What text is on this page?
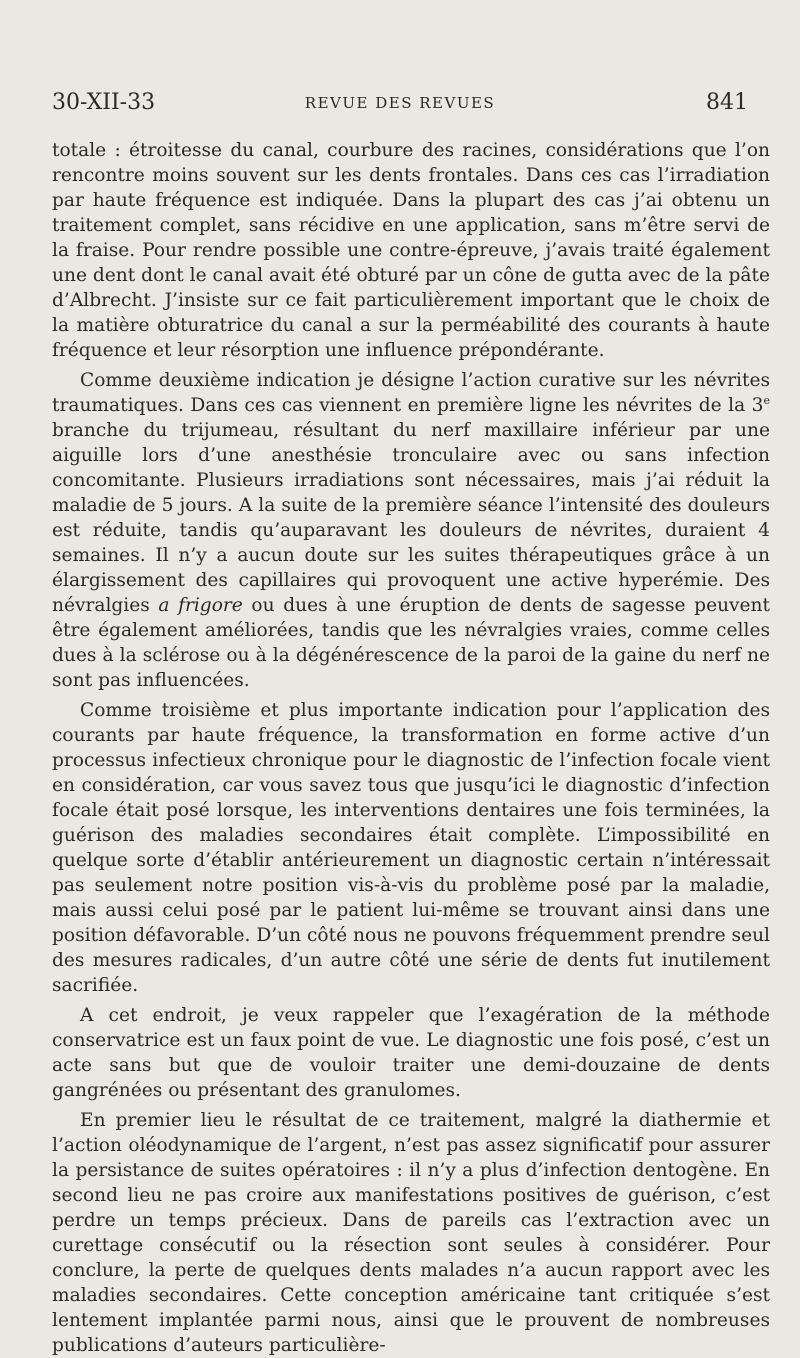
30-XII-33	REVUE DES REVUES	841

totale : étroitesse du canal, courbure des racines, considérations que l’on rencontre moins souvent sur les dents frontales. Dans ces cas l’irradiation par haute fréquence est indiquée. Dans la plupart des cas j’ai obtenu un traitement complet, sans récidive en une application, sans m’être servi de la fraise. Pour rendre possible une contre-épreuve, j’avais traité également une dent dont le canal avait été obturé par un cône de gutta avec de la pâte d’Albrecht. J’insiste sur ce fait particulièrement important que le choix de la matière obturatrice du canal a sur la perméabilité des courants à haute fréquence et leur résorption une influence prépondérante.

Comme deuxième indication je désigne l’action curative sur les névrites traumatiques. Dans ces cas viennent en première ligne les névrites de la 3e branche du trijumeau, résultant du nerf maxillaire inférieur par une aiguille lors d’une anesthésie tronculaire avec ou sans infection concomitante. Plusieurs irradiations sont nécessaires, mais j’ai réduit la maladie de 5 jours. A la suite de la première séance l’intensité des douleurs est réduite, tandis qu’auparavant les douleurs de névrites, duraient 4 semaines. Il n’y a aucun doute sur les suites thérapeutiques grâce à un élargissement des capillaires qui provoquent une active hyperémie. Des névralgies a frigore ou dues à une éruption de dents de sagesse peuvent être également améliorées, tandis que les névralgies vraies, comme celles dues à la sclérose ou à la dégénérescence de la paroi de la gaine du nerf ne sont pas influencées.

Comme troisième et plus importante indication pour l’application des courants par haute fréquence, la transformation en forme active d’un processus infectieux chronique pour le diagnostic de l’infection focale vient en considération, car vous savez tous que jusqu’ici le diagnostic d’infection focale était posé lorsque, les interventions dentaires une fois terminées, la guérison des maladies secondaires était complète. L’impossibilité en quelque sorte d’établir antérieurement un diagnostic certain n’intéressait pas seulement notre position vis-à-vis du problème posé par la maladie, mais aussi celui posé par le patient lui-même se trouvant ainsi dans une position défavorable. D’un côté nous ne pouvons fréquemment prendre seul des mesures radicales, d’un autre côté une série de dents fut inutilement sacrifiée.

A cet endroit, je veux rappeler que l’exagération de la méthode conservatrice est un faux point de vue. Le diagnostic une fois posé, c’est un acte sans but que de vouloir traiter une demi-douzaine de dents gangrénées ou présentant des granulomes.

En premier lieu le résultat de ce traitement, malgré la diathermie et l’action oléodynamique de l’argent, n’est pas assez significatif pour assurer la persistance de suites opératoires : il n’y a plus d’infection dentogène. En second lieu ne pas croire aux manifestations positives de guérison, c’est perdre un temps précieux. Dans de pareils cas l’extraction avec un curettage consécutif ou la résection sont seules à considérer. Pour conclure, la perte de quelques dents malades n’a aucun rapport avec les maladies secondaires. Cette conception américaine tant critiquée s’est lentement implantée parmi nous, ainsi que le prouvent de nombreuses publications d’auteurs particulière-
